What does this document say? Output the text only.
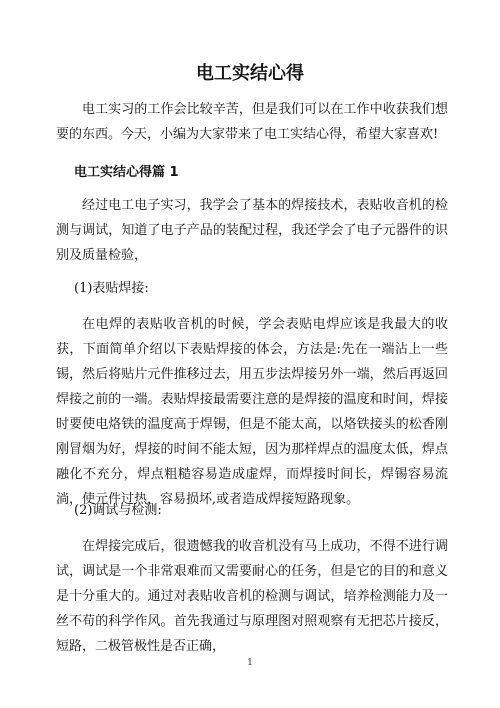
电工实结心得

电工实习的工作会比较辛苦，但是我们可以在工作中收获我们想要的东西。今天，小编为大家带来了电工实结心得，希望大家喜欢!

电工实结心得篇 1

经过电工电子实习，我学会了基本的焊接技术，表贴收音机的检测与调试，知道了电子产品的装配过程，我还学会了电子元器件的识别及质量检验，

(1)表贴焊接:

在电焊的表贴收音机的时候，学会表贴电焊应该是我最大的收获，下面简单介绍以下表贴焊接的体会，方法是:先在一端沾上一些锡，然后将贴片元件推移过去，用五步法焊接另外一端，然后再返回焊接之前的一端。表贴焊接最需要注意的是焊接的温度和时间，焊接时要使电烙铁的温度高于焊锡，但是不能太高，以烙铁接头的松香刚刚冒烟为好，焊接的时间不能太短，因为那样焊点的温度太低，焊点融化不充分，焊点粗糙容易造成虚焊，而焊接时间长，焊锡容易流淌，使元件过热，容易损坏,或者造成焊接短路现象。

(2)调试与检测:

在焊接完成后，很遗憾我的收音机没有马上成功，不得不进行调试，调试是一个非常艰难而又需要耐心的任务，但是它的目的和意义是十分重大的。通过对表贴收音机的检测与调试，培养检测能力及一丝不苟的科学作风。首先我通过与原理图对照观察有无把芯片接反，短路，二极管极性是否正确，

1
